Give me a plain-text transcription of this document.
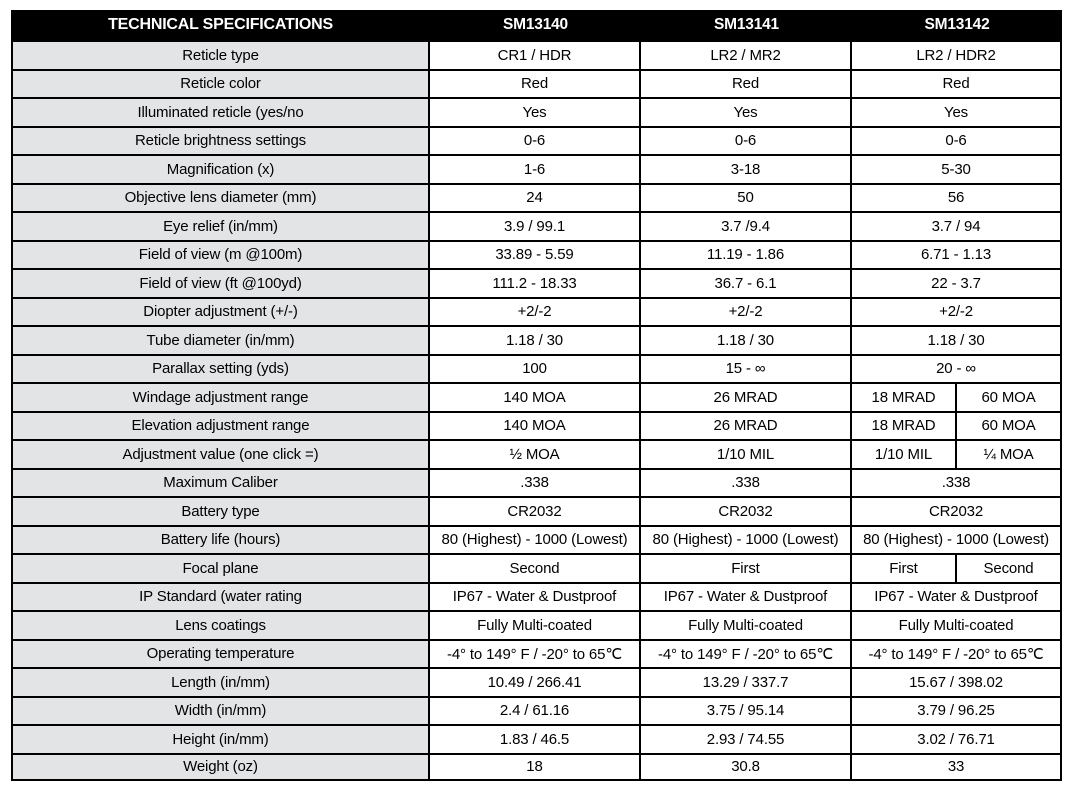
TECHNICAL SPECIFICATIONS	SM13140	SM13141	SM13142	
Reticle type	CR1 / HDR	LR2 / MR2	LR2 / HDR2	
Reticle color	Red	Red	Red	
Illuminated reticle (yes/no	Yes	Yes	Yes	
Reticle brightness settings	0-6	0-6	0-6	
Magnification (x)	1-6	3-18	5-30	
Objective lens diameter (mm)	24	50	56	
Eye relief (in/mm)	3.9 / 99.1	3.7 /9.4	3.7 / 94	
Field of view (m @100m)	33.89 - 5.59	11.19 - 1.86	6.71 - 1.13	
Field of view (ft @100yd)	111.2 - 18.33	36.7 - 6.1	22 - 3.7	
Diopter adjustment (+/-)	+2/-2	+2/-2	+2/-2	
Tube diameter (in/mm)	1.18 / 30	1.18 / 30	1.18 / 30	
Parallax setting (yds)	100	15 - ∞	20 - ∞	
Windage adjustment range	140 MOA	26 MRAD	18 MRAD	60 MOA
Elevation adjustment range	140 MOA	26 MRAD	18 MRAD	60 MOA
Adjustment value (one click =)	½ MOA	1/10 MIL	1/10 MIL	¼ MOA
Maximum Caliber	.338	.338	.338	
Battery type	CR2032	CR2032	CR2032	
Battery life (hours)	80 (Highest) - 1000 (Lowest)	80 (Highest) - 1000 (Lowest)	80 (Highest) - 1000 (Lowest)	
Focal plane	Second	First	First	Second
IP Standard (water rating	IP67 - Water & Dustproof	IP67 - Water & Dustproof	IP67 - Water & Dustproof	
Lens coatings	Fully Multi-coated	Fully Multi-coated	Fully Multi-coated	
Operating temperature	-4° to 149° F / -20° to 65℃	-4° to 149° F / -20° to 65℃	-4° to 149° F / -20° to 65℃	
Length (in/mm)	10.49 / 266.41	13.29 / 337.7	15.67 / 398.02	
Width (in/mm)	2.4 / 61.16	3.75 / 95.14	3.79 / 96.25	
Height (in/mm)	1.83 / 46.5	2.93 / 74.55	3.02 / 76.71	
Weight (oz)	18	30.8	33	
